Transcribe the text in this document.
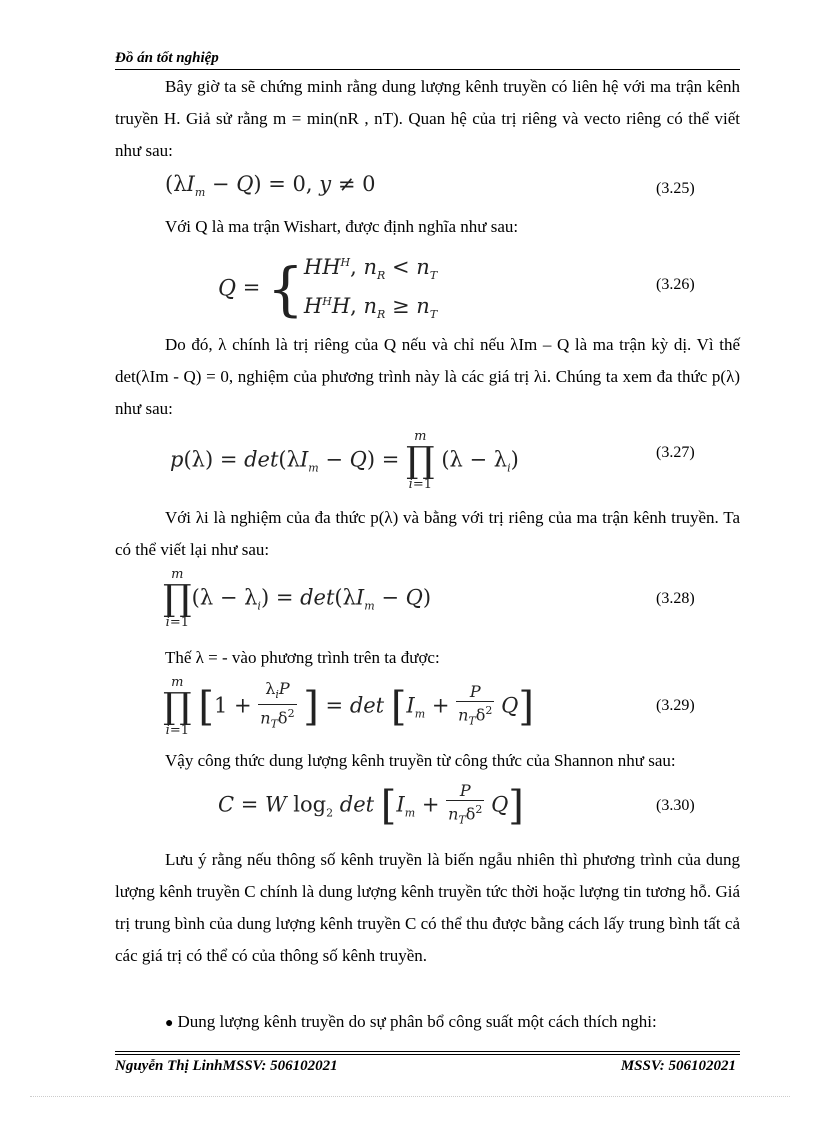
Đồ án tốt nghiệp

Bây giờ ta sẽ chứng minh rằng dung lượng kênh truyền có liên hệ với ma trận kênh truyền H. Giả sử rằng m = min(nR , nT). Quan hệ của trị riêng và vecto riêng có thể viết như sau:

$(\lambda I_m - Q) = 0$, y ≠ 0	(3.25)

Với Q là ma trận Wishart, được định nghĩa như sau:

$Q = \{HH^H$, $n_R < n_T$
$H^HH$, $n_R \ge n_T$
(3.26)

Do đó, λ chính là trị riêng của Q nếu và chỉ nếu λIm – Q là ma trận kỳ dị. Vì thế det(λIm - Q) = 0, nghiệm của phương trình này là các giá trị λi. Chúng ta xem đa thức p(λ) như sau:

$p(\lambda) = \det(\lambda I_m - Q) = m$
∏
i=1 $(\lambda - \lambda_i)$	(3.27)

Với λi là nghiệm của đa thức p(λ) và bằng với trị riêng của ma trận kênh truyền. Ta có thể viết lại như sau:

m
∏
$i=1(\lambda - \lambda_i) = \det(\lambda I_m - Q)$	(3.28)

Thế λ = - vào phương trình trên ta được:

m
∏
i=1 [$1 + \frac{\lambda_iP}{n_T\delta^2}$ ] = $\det [I_m + \frac{P}{n_T\delta^2} Q]$	(3.29)

Vậy công thức dung lượng kênh truyền từ công thức của Shannon như sau:

C = W $\log_2 \det [I_m + \frac{P}{n_T\delta^2} Q]$	(3.30)

Lưu ý rằng nếu thông số kênh truyền là biến ngẫu nhiên thì phương trình của dung lượng kênh truyền C chính là dung lượng kênh truyền tức thời hoặc lượng tin tương hỗ. Giá trị trung bình của dung lượng kênh truyền C có thể thu được bằng cách lấy trung bình tất cả các giá trị có thể có của thông số kênh truyền.

● Dung lượng kênh truyền do sự phân bổ công suất một cách thích nghi:

Nguyễn Thị LinhMSSV: 506102021	MSSV: 506102021
